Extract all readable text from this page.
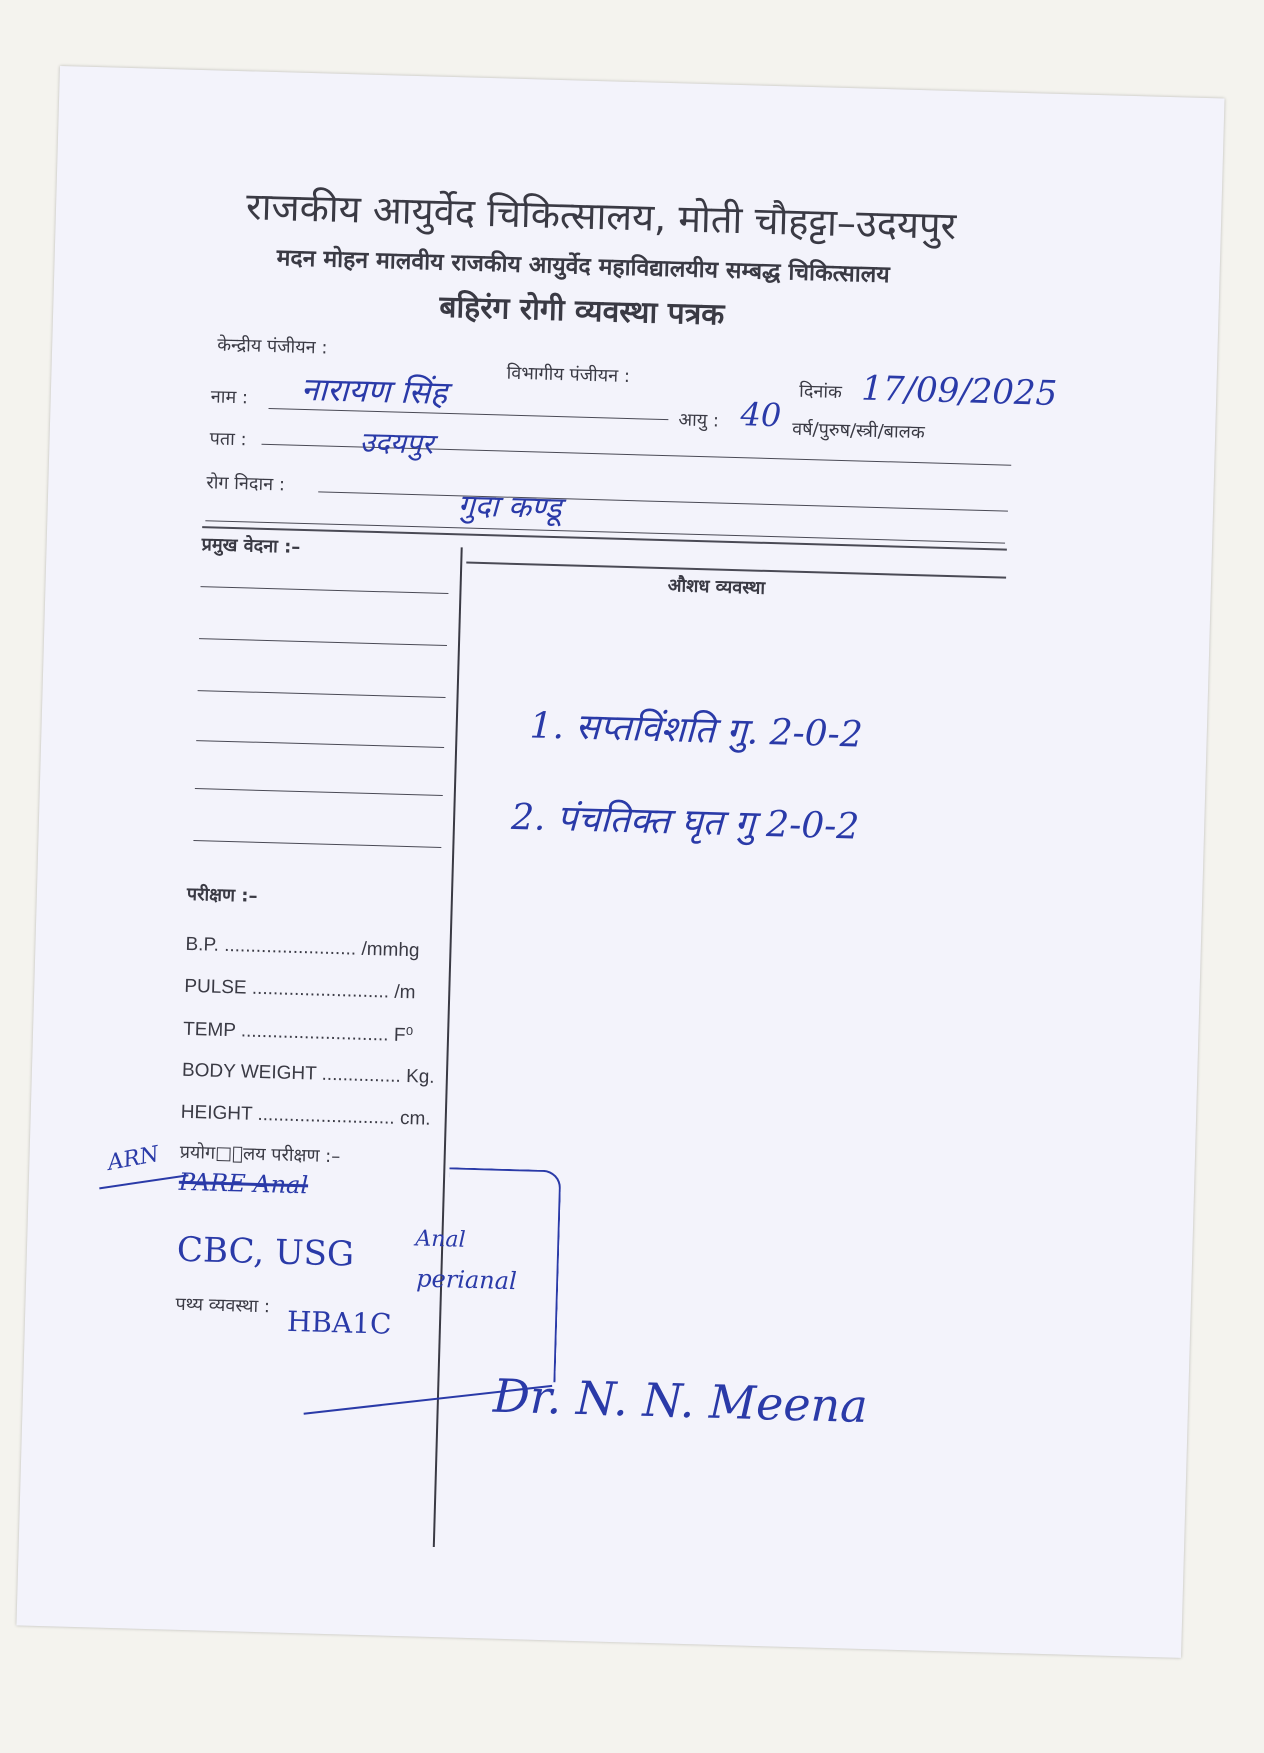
राजकीय आयुर्वेद चिकित्सालय, मोती चौहट्टा–उदयपुर
मदन मोहन मालवीय राजकीय आयुर्वेद महाविद्यालयीय सम्बद्ध चिकित्सालय
बहिरंग रोगी व्यवस्था पत्रक
केन्द्रीय पंजीयन :
विभागीय पंजीयन :
दिनांक 17/09/2025
नाम : नारायण सिंह
आयु : 40 वर्ष/पुरुष/स्त्री/बालक
पता :	उदयपुर
रोग निदान :
गुदा कण्डू
प्रमुख वेदना :–
परीक्षण :–
B.P. ......................... /mmhg
PULSE .......................... /m
TEMP ............................ F⁰
BODY WEIGHT ............... Kg.
HEIGHT .......................... cm.
प्रयोग□ालय परीक्षण :–
ARN
PARE Anal
CBC, USG	Anal
perianal
पथ्य व्यवस्था : HBA1C
औशध व्यवस्था
1. सप्तविंशति गु. 2-0-2
2. पंचतिक्त घृत गु 2-0-2
Dr. N. N. Meena
